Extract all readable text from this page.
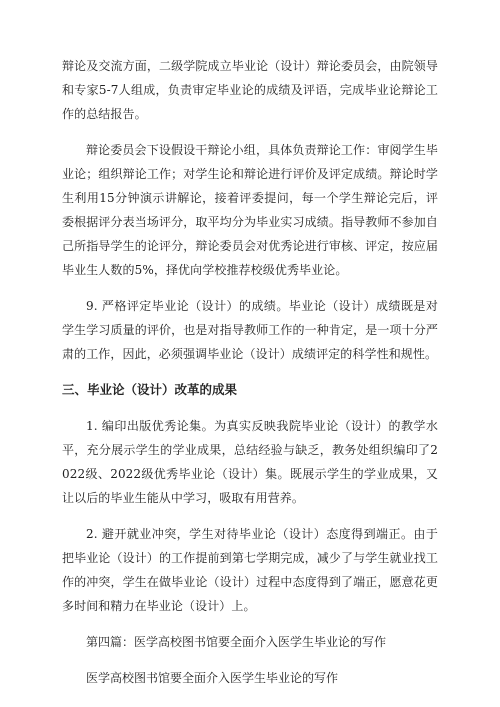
辩论及交流方面，二级学院成立毕业论（设计）辩论委员会，由院领导和专家5-7人组成，负责审定毕业论的成绩及评语，完成毕业论辩论工作的总结报告。

辩论委员会下设假设干辩论小组，具体负责辩论工作：审阅学生毕业论；组织辩论工作；对学生论和辩论进行评价及评定成绩。辩论时学生利用15分钟演示讲解论，接着评委提问，每一个学生辩论完后，评委根据评分表当场评分，取平均分为毕业实习成绩。指导教师不参加自己所指导学生的论评分，辩论委员会对优秀论进行审核、评定，按应届毕业生人数的5%，择优向学校推荐校级优秀毕业论。

9. 严格评定毕业论（设计）的成绩。毕业论（设计）成绩既是对学生学习质量的评价，也是对指导教师工作的一种肯定，是一项十分严肃的工作，因此，必须强调毕业论（设计）成绩评定的科学性和规性。

三、毕业论（设计）改革的成果

1. 编印出版优秀论集。为真实反映我院毕业论（设计）的教学水平，充分展示学生的学业成果，总结经验与缺乏，教务处组织编印了2022级、2022级优秀毕业论（设计）集。既展示学生的学业成果，又让以后的毕业生能从中学习，吸取有用营养。

2. 避开就业冲突，学生对待毕业论（设计）态度得到端正。由于把毕业论（设计）的工作提前到第七学期完成，减少了与学生就业找工作的冲突，学生在做毕业论（设计）过程中态度得到了端正，愿意花更多时间和精力在毕业论（设计）上。

第四篇：医学高校图书馆要全面介入医学生毕业论的写作

医学高校图书馆要全面介入医学生毕业论的写作
